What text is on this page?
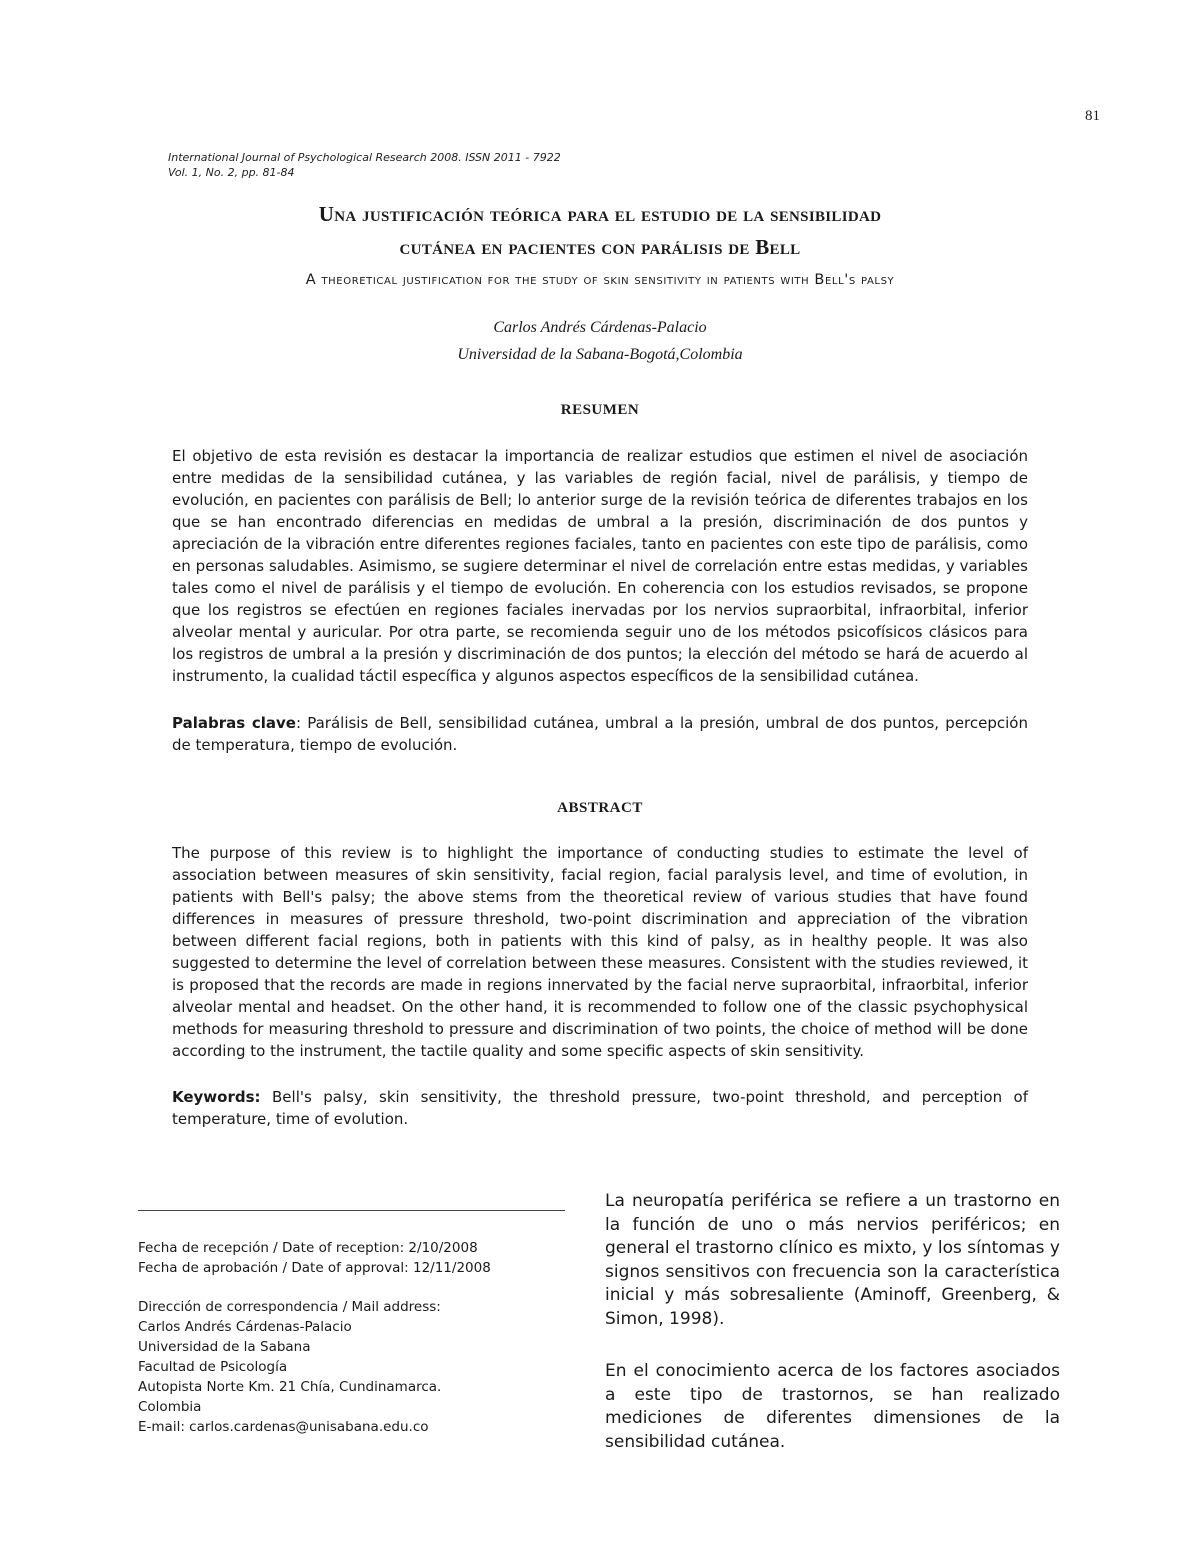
81
International Journal of Psychological Research 2008. ISSN 2011 - 7922
Vol. 1, No. 2, pp. 81-84
Una justificación teórica para el estudio de la sensibilidad
cutánea en pacientes con parálisis de Bell
A theoretical justification for the study of skin sensitivity in patients with Bell's palsy
Carlos Andrés Cárdenas-Palacio
Universidad de la Sabana-Bogotá,Colombia
RESUMEN
El objetivo de esta revisión es destacar la importancia de realizar estudios que estimen el nivel de asociación entre medidas de la sensibilidad cutánea, y las variables de región facial, nivel de parálisis, y tiempo de evolución, en pacientes con parálisis de Bell; lo anterior surge de la revisión teórica de diferentes trabajos en los que se han encontrado diferencias en medidas de umbral a la presión, discriminación de dos puntos y apreciación de la vibración entre diferentes regiones faciales, tanto en pacientes con este tipo de parálisis, como en personas saludables. Asimismo, se sugiere determinar el nivel de correlación entre estas medidas, y variables tales como el nivel de parálisis y el tiempo de evolución. En coherencia con los estudios revisados, se propone que los registros se efectúen en regiones faciales inervadas por los nervios supraorbital, infraorbital, inferior alveolar mental y auricular. Por otra parte, se recomienda seguir uno de los métodos psicofísicos clásicos para los registros de umbral a la presión y discriminación de dos puntos; la elección del método se hará de acuerdo al instrumento, la cualidad táctil específica y algunos aspectos específicos de la sensibilidad cutánea.
Palabras clave: Parálisis de Bell, sensibilidad cutánea, umbral a la presión, umbral de dos puntos, percepción de temperatura, tiempo de evolución.
ABSTRACT
The purpose of this review is to highlight the importance of conducting studies to estimate the level of association between measures of skin sensitivity, facial region, facial paralysis level, and time of evolution, in patients with Bell's palsy; the above stems from the theoretical review of various studies that have found differences in measures of pressure threshold, two-point discrimination and appreciation of the vibration between different facial regions, both in patients with this kind of palsy, as in healthy people. It was also suggested to determine the level of correlation between these measures. Consistent with the studies reviewed, it is proposed that the records are made in regions innervated by the facial nerve supraorbital, infraorbital, inferior alveolar mental and headset. On the other hand, it is recommended to follow one of the classic psychophysical methods for measuring threshold to pressure and discrimination of two points, the choice of method will be done according to the instrument, the tactile quality and some specific aspects of skin sensitivity.
Keywords: Bell's palsy, skin sensitivity, the threshold pressure, two-point threshold, and perception of temperature, time of evolution.
Fecha de recepción / Date of reception: 2/10/2008
Fecha de aprobación / Date of approval: 12/11/2008
Dirección de correspondencia / Mail address:
Carlos Andrés Cárdenas-Palacio
Universidad de la Sabana
Facultad de Psicología
Autopista Norte Km. 21 Chía, Cundinamarca.
Colombia
E-mail: carlos.cardenas@unisabana.edu.co
La neuropatía periférica se refiere a un trastorno en la función de uno o más nervios periféricos; en general el trastorno clínico es mixto, y los síntomas y signos sensitivos con frecuencia son la característica inicial y más sobresaliente (Aminoff, Greenberg, & Simon, 1998).
En el conocimiento acerca de los factores asociados a este tipo de trastornos, se han realizado mediciones de diferentes dimensiones de la sensibilidad cutánea.
